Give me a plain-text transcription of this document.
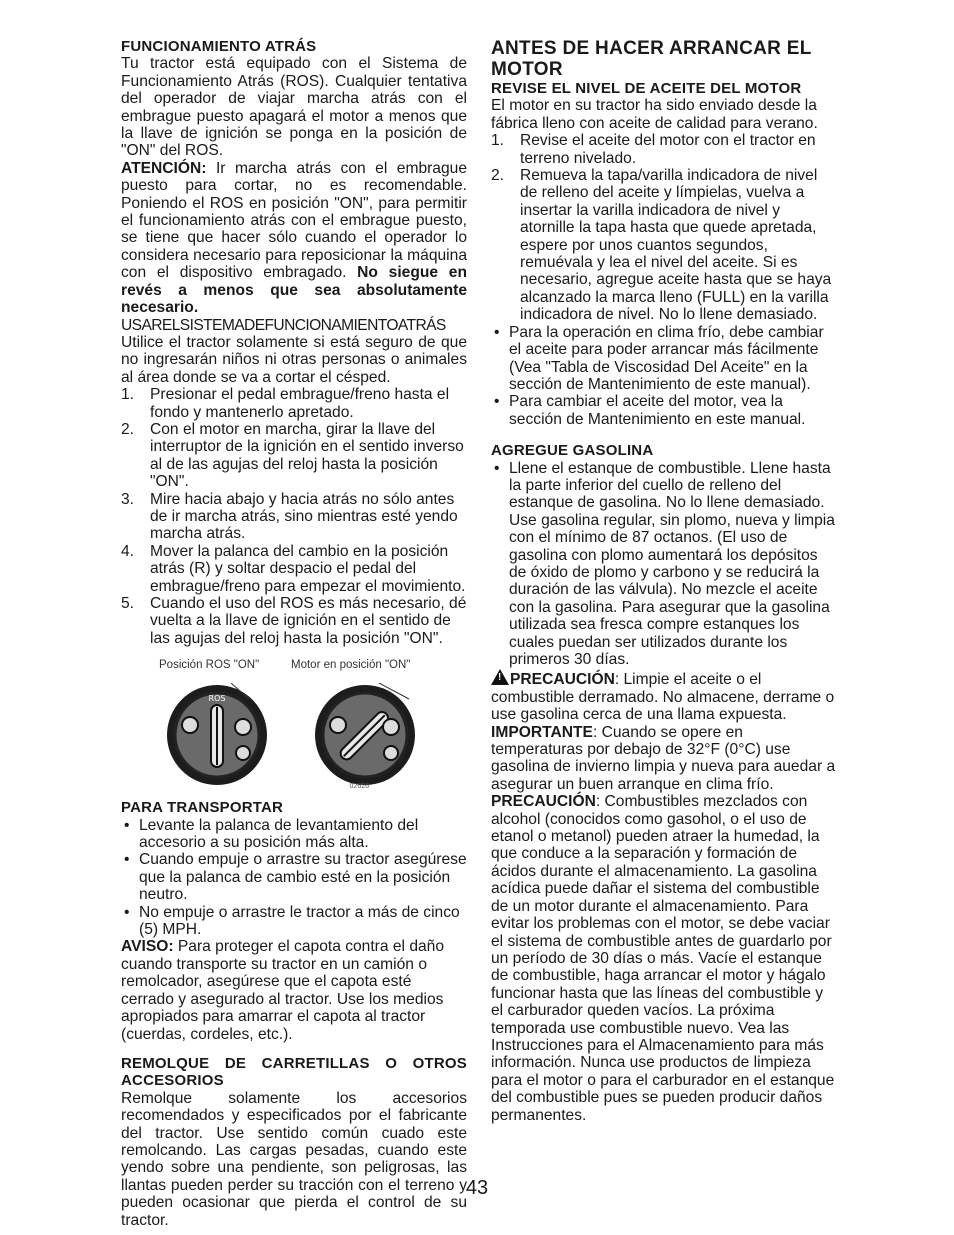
FUNCIONAMIENTO ATRÁS

Tu tractor está equipado con el Sistema de Funcionamiento Atrás (ROS). Cualquier tentativa del operador de viajar marcha atrás con el embrague puesto apagará el motor a menos que la llave de ignición se ponga en la posición de "ON" del ROS.

ATENCIÓN: Ir marcha atrás con el embrague puesto para cortar, no es recomendable. Poniendo el ROS en posición "ON", para permitir el funcionamiento atrás con el embrague puesto, se tiene que hacer sólo cuando el operador lo considera necesario para reposicionar la máquina con el dispositivo embragado. No siegue en revés a menos que sea absolutamente necesario.

USARELSISTEMADEFUNCIONAMIENTOATRÁS

Utilice el tractor solamente si está seguro de que no ingresarán niños ni otras personas o animales al área donde se va a cortar el césped.

1. Presionar el pedal embrague/freno hasta el fondo y mantenerlo apretado.
2. Con el motor en marcha, girar la llave del interruptor de la ignición en el sentido inverso al de las agujas del reloj hasta la posición "ON".
3. Mire hacia abajo y hacia atrás no sólo antes de ir marcha atrás, sino mientras esté yendo marcha atrás.
4. Mover la palanca del cambio en la posición atrás (R) y soltar despacio el pedal del embrague/freno para empezar el movimiento.
5. Cuando el uso del ROS es más necesario, dé vuelta a la llave de ignición en el sentido de las agujas del reloj hasta la posición "ON".
Posición ROS "ON"	Motor en posición "ON"
ROS
02626

PARA TRANSPORTAR

• Levante la palanca de levantamiento del accesorio a su posición más alta.
• Cuando empuje o arrastre su tractor asegúrese que la palanca de cambio esté en la posición neutro.
• No empuje o arrastre le tractor a más de cinco (5) MPH.

AVISO: Para proteger el capota contra el daño cuando transporte su tractor en un camión o remolcador, asegúrese que el capota esté cerrado y asegurado al tractor. Use los medios apropiados para amarrar el capota al tractor (cuerdas, cordeles, etc.).

REMOLQUE DE CARRETILLAS O OTROS ACCESORIOS

Remolque solamente los accesorios recomendados y especificados por el fabricante del tractor. Use sentido común cuado este remolcando. Las cargas pesadas, cuando este yendo sobre una pendiente, son peligrosas, las llantas pueden perder su tracción con el terreno y pueden ocasionar que pierda el control de su tractor.

ANTES DE HACER ARRANCAR EL MOTOR

REVISE EL NIVEL DE ACEITE DEL MOTOR

El motor en su tractor ha sido enviado desde la fábrica lleno con aceite de calidad para verano.

1. Revise el aceite del motor con el tractor en terreno nivelado.
2. Remueva la tapa/varilla indicadora de nivel de relleno del aceite y límpielas, vuelva a insertar la varilla indicadora de nivel y atornille la tapa hasta que quede apretada, espere por unos cuantos segundos, remuévala y lea el nivel del aceite. Si es necesario, agregue aceite hasta que se haya alcanzado la marca lleno (FULL) en la varilla indicadora de nivel. No lo llene demasiado.
• Para la operación en clima frío, debe cambiar el aceite para poder arrancar más fácilmente (Vea "Tabla de Viscosidad Del Aceite" en la sección de Mantenimiento de este manual).
• Para cambiar el aceite del motor, vea la sección de Mantenimiento en este manual.

AGREGUE GASOLINA

• Llene el estanque de combustible. Llene hasta la parte inferior del cuello de relleno del estanque de gasolina. No lo llene demasiado. Use gasolina regular, sin plomo, nueva y limpia con el mínimo de 87 octanos. (El uso de gasolina con plomo aumentará los depósitos de óxido de plomo y carbono y se reducirá la duración de las válvula). No mezcle el aceite con la gasolina. Para asegurar que la gasolina utilizada sea fresca compre estanques los cuales puedan ser utilizados durante los primeros 30 días.

! PRECAUCIÓN: Limpie el aceite o el combustible derramado. No almacene, derrame o use gasolina cerca de una llama expuesta.

IMPORTANTE: Cuando se opere en temperaturas por debajo de 32°F (0°C) use gasolina de invierno limpia y nueva para auedar a asegurar un buen arranque en clima frío.

PRECAUCIÓN: Combustibles mezclados con alcohol (conocidos como gasohol, o el uso de etanol o metanol) pueden atraer la humedad, la que conduce a la separación y formación de ácidos durante el almacenamiento. La gasolina acídica puede dañar el sistema del combustible de un motor durante el almacenamiento. Para evitar los problemas con el motor, se debe vaciar el sistema de combustible antes de guardarlo por un período de 30 días o más. Vacíe el estanque de combustible, haga arrancar el motor y hágalo funcionar hasta que las líneas del combustible y el carburador queden vacíos. La próxima temporada use combustible nuevo. Vea las Instrucciones para el Almacenamiento para más información. Nunca use productos de limpieza para el motor o para el carburador en el estanque del combustible pues se pueden producir daños permanentes.

43
